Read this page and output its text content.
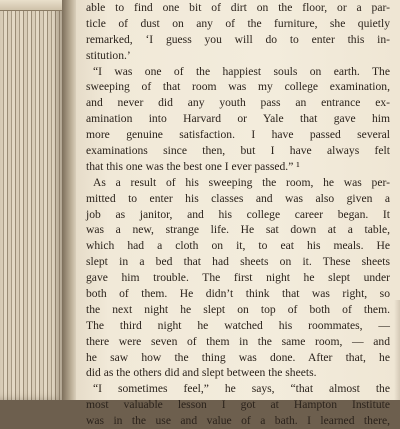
able to find one bit of dirt on the floor, or a par-
ticle of dust on any of the furniture, she quietly
remarked, ‘I guess you will do to enter this in-
stitution.’
“I was one of the happiest souls on earth. The
sweeping of that room was my college examination,
and never did any youth pass an entrance ex-
amination into Harvard or Yale that gave him
more genuine satisfaction. I have passed several
examinations since then, but I have always felt
that this one was the best one I ever passed.” ¹
As a result of his sweeping the room, he was per-
mitted to enter his classes and was also given a
job as janitor, and his college career began. It
was a new, strange life. He sat down at a table,
which had a cloth on it, to eat his meals. He
slept in a bed that had sheets on it. These sheets
gave him trouble. The first night he slept under
both of them. He didn’t think that was right, so
the next night he slept on top of both of them.
The third night he watched his roommates, —
there were seven of them in the same room, — and
he saw how the thing was done. After that, he
did as the others did and slept between the sheets.
“I sometimes feel,” he says, “that almost the
most valuable lesson I got at Hampton Institute
was in the use and value of a bath. I learned there,
